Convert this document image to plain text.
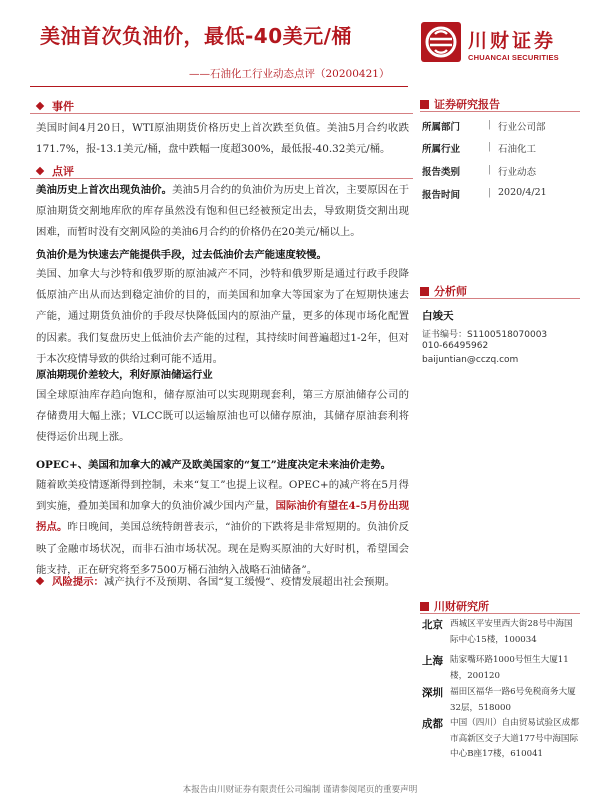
美油首次负油价，最低-40美元/桶
——石油化工行业动态点评（20200421）
川财证券
CHUANCAI SECURITIES
事件
美国时间4月20日，WTI原油期货价格历史上首次跌至负值。美油5月合约收跌171.7%，报-13.1美元/桶，盘中跌幅一度超300%，最低报-40.32美元/桶。
点评
美油历史上首次出现负油价。美油5月合约的负油价为历史上首次，主要原因在于原油期货交割地库欣的库存虽然没有饱和但已经被预定出去，导致期货交割出现困难，而暂时没有交割风险的美油6月合约的价格仍在20美元/桶以上。
负油价是为快速去产能提供手段，过去低油价去产能速度较慢。
美国、加拿大与沙特和俄罗斯的原油减产不同，沙特和俄罗斯是通过行政手段降低原油产出从而达到稳定油价的目的，而美国和加拿大等国家为了在短期快速去产能，通过期货负油价的手段尽快降低国内的原油产量，更多的体现市场化配置的因素。我们复盘历史上低油价去产能的过程，其持续时间普遍超过1-2年，但对于本次疫情导致的供给过剩可能不适用。
原油期现价差较大，利好原油储运行业
国全球原油库存趋向饱和，储存原油可以实现期现套利，第三方原油储存公司的存储费用大幅上涨；VLCC既可以运输原油也可以储存原油，其储存原油套利将使得运价出现上涨。
OPEC+、美国和加拿大的减产及欧美国家的“复工”进度决定未来油价走势。
随着欧美疫情逐渐得到控制，未来“复工”也提上议程。OPEC+的减产将在5月得到实施，叠加美国和加拿大的负油价减少国内产量，国际油价有望在4-5月份出现拐点。昨日晚间，美国总统特朗普表示，“油价的下跌将是非常短期的。负油价反映了金融市场状况，而非石油市场状况。现在是购买原油的大好时机，希望国会能支持，正在研究将至多7500万桶石油纳入战略石油储备”。
风险提示： 减产执行不及预期、各国“复工缓慢“、疫情发展超出社会预期。
证券研究报告
所属部门	| 行业公司部
所属行业	| 石油化工
报告类别	| 行业动态
报告时间	| 2020/4/21
分析师
白竣天
证书编号：S1100518070003
010-66495962
baijuntian@cczq.com
川财研究所
北京 西城区平安里西大街28号中海国际中心15楼，100034
上海 陆家嘴环路1000号恒生大厦11楼，200120
深圳 福田区福华一路6号免税商务大厦32层，518000
成都 中国（四川）自由贸易试验区成都市高新区交子大道177号中海国际中心B座17楼，610041
本报告由川财证券有限责任公司编制 谨请参阅尾页的重要声明
